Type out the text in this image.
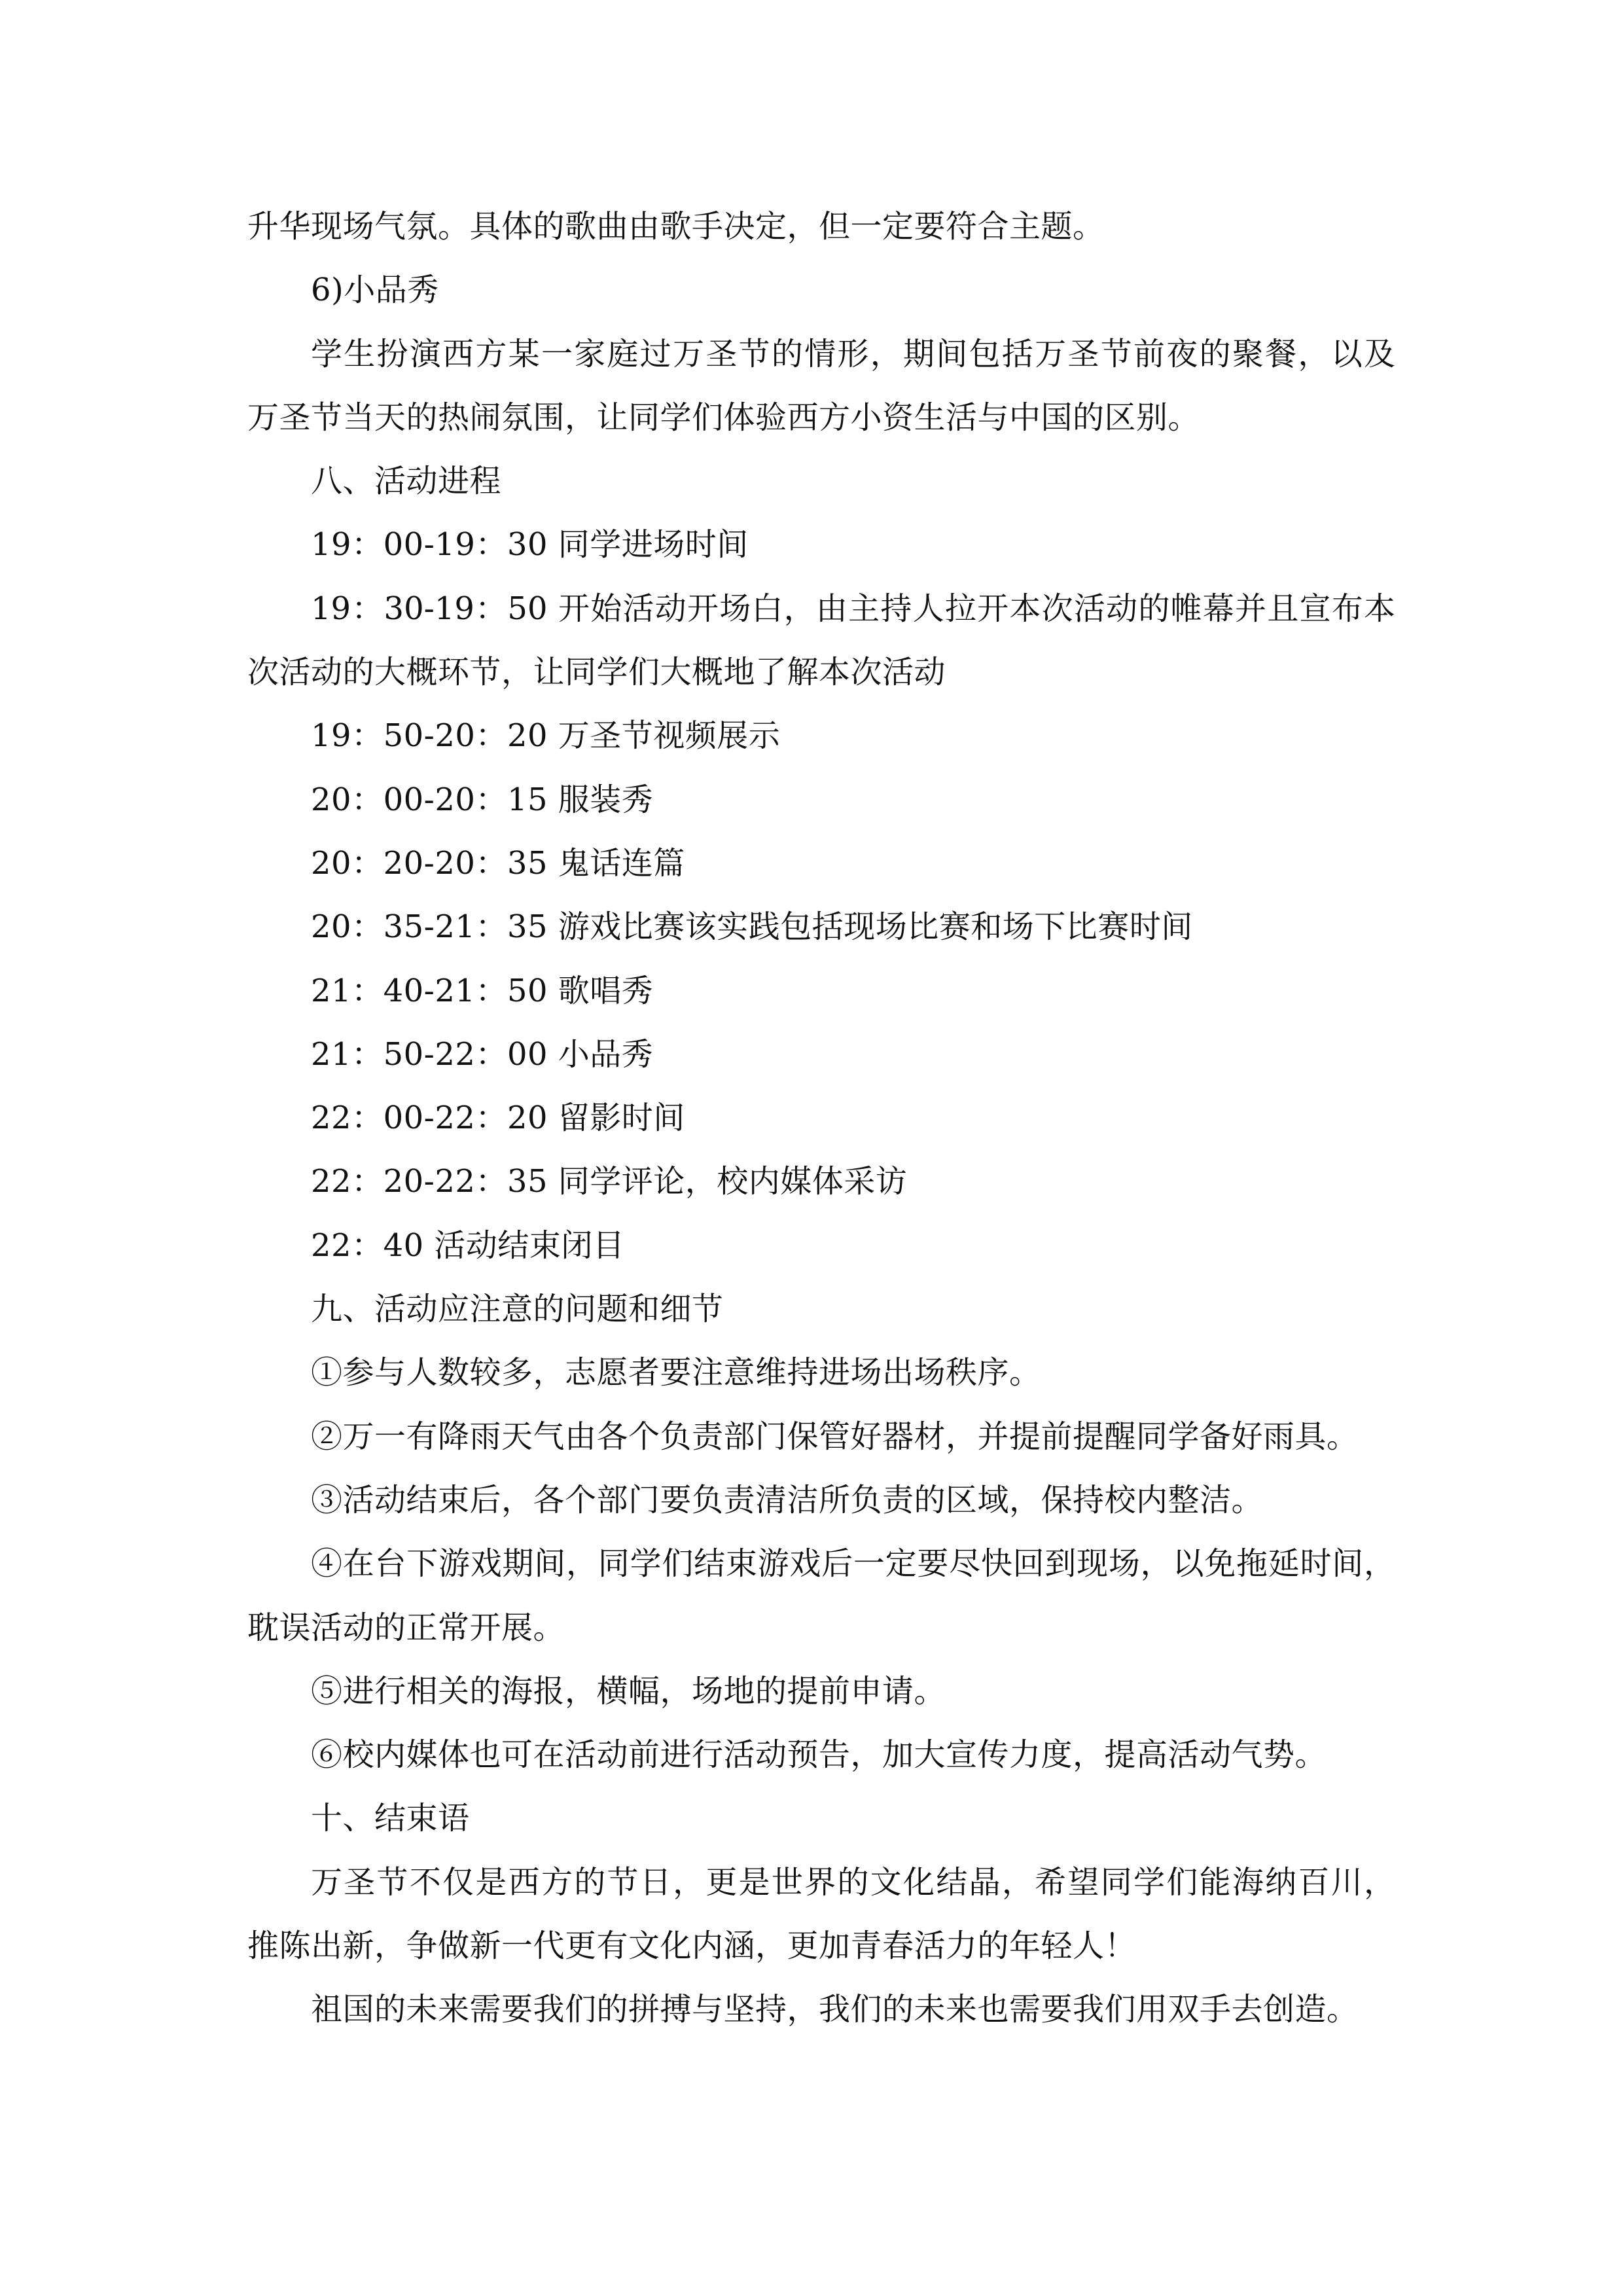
升华现场气氛。具体的歌曲由歌手决定，但一定要符合主题。
6)小品秀
学生扮演西方某一家庭过万圣节的情形，期间包括万圣节前夜的聚餐，以及
万圣节当天的热闹氛围，让同学们体验西方小资生活与中国的区别。
八、活动进程
19：00-19：30 同学进场时间
19：30-19：50 开始活动开场白，由主持人拉开本次活动的帷幕并且宣布本
次活动的大概环节，让同学们大概地了解本次活动
19：50-20：20 万圣节视频展示
20：00-20：15 服装秀
20：20-20：35 鬼话连篇
20：35-21：35 游戏比赛该实践包括现场比赛和场下比赛时间
21：40-21：50 歌唱秀
21：50-22：00 小品秀
22：00-22：20 留影时间
22：20-22：35 同学评论，校内媒体采访
22：40 活动结束闭目
九、活动应注意的问题和细节
①参与人数较多，志愿者要注意维持进场出场秩序。
②万一有降雨天气由各个负责部门保管好器材，并提前提醒同学备好雨具。
③活动结束后，各个部门要负责清洁所负责的区域，保持校内整洁。
④在台下游戏期间，同学们结束游戏后一定要尽快回到现场，以免拖延时间，
耽误活动的正常开展。
⑤进行相关的海报，横幅，场地的提前申请。
⑥校内媒体也可在活动前进行活动预告，加大宣传力度，提高活动气势。
十、结束语
万圣节不仅是西方的节日，更是世界的文化结晶，希望同学们能海纳百川，
推陈出新，争做新一代更有文化内涵，更加青春活力的年轻人！
祖国的未来需要我们的拼搏与坚持，我们的未来也需要我们用双手去创造。
